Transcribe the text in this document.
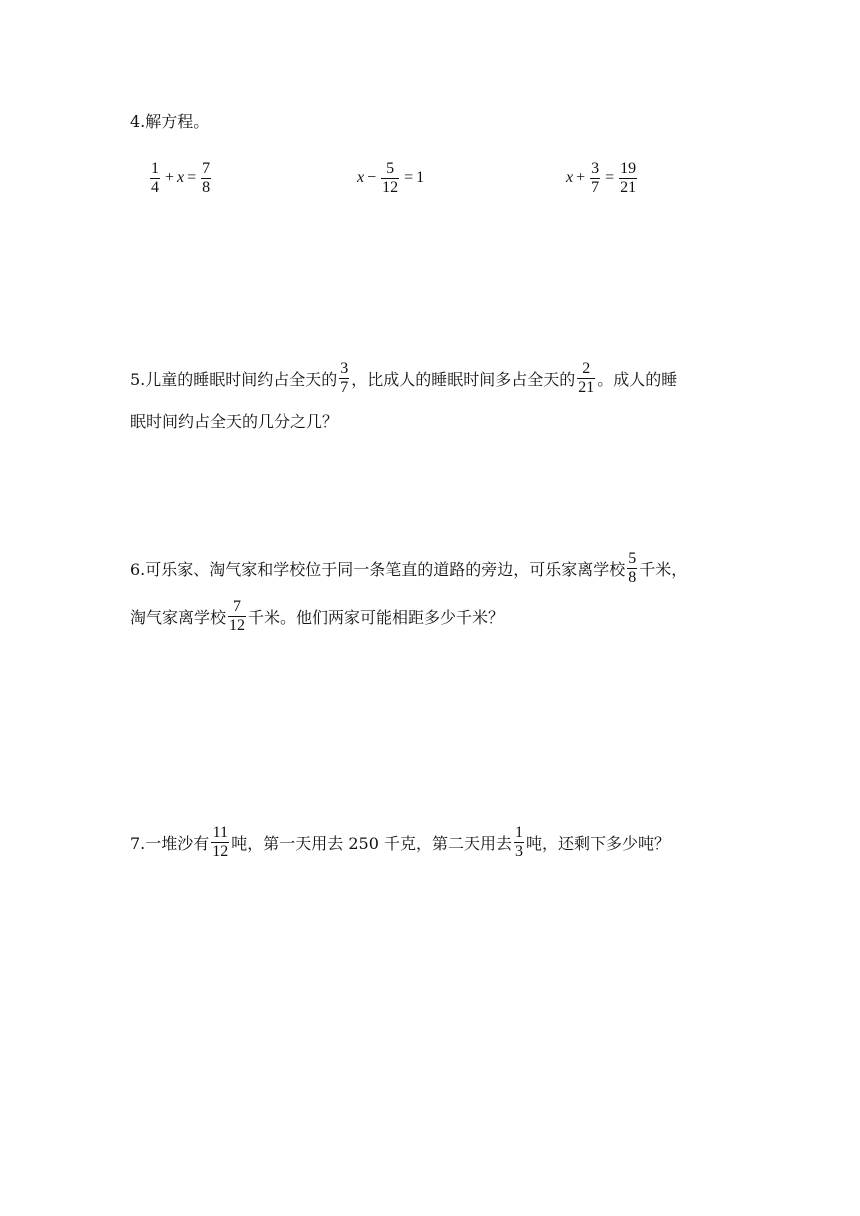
4.解方程。
$\frac{1}{4} + x = \frac{7}{8}$	$x - \frac{5}{12} = 1$	$x + \frac{3}{7} = \frac{19}{21}$
5.儿童的睡眠时间约占全天的 $\frac{3}{7}$ ，比成人的睡眠时间多占全天的 $\frac{2}{21}$ 。成人的睡
眠时间约占全天的几分之几？
6.可乐家、淘气家和学校位于同一条笔直的道路的旁边，可乐家离学校 $\frac{5}{8}$ 千米，
淘气家离学校 $\frac{7}{12}$ 千米。他们两家可能相距多少千米？
7.一堆沙有 $\frac{11}{12}$ 吨，第一天用去 250 千克，第二天用去 $\frac{1}{3}$ 吨，还剩下多少吨？
